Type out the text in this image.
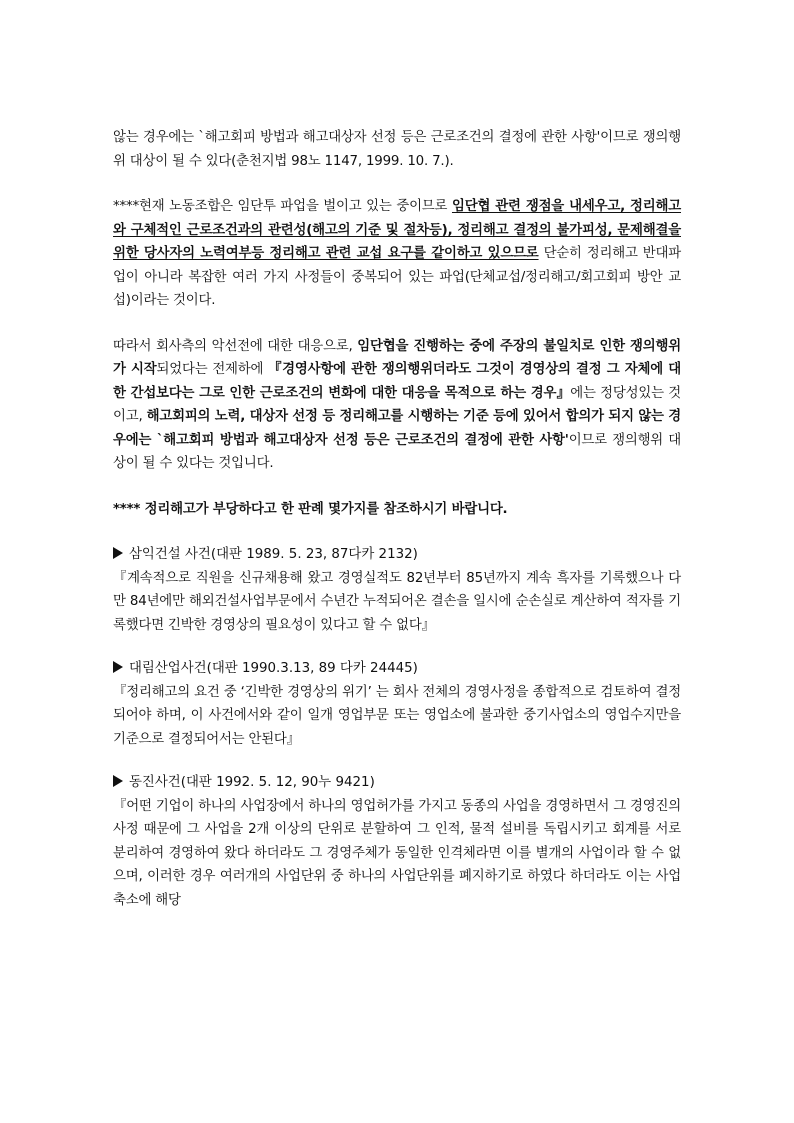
않는 경우에는 `해고회피 방법과 해고대상자 선정 등은 근로조건의 결정에 관한 사항'이므로 쟁의행위 대상이 될 수 있다(춘천지법 98노 1147, 1999. 10. 7.).

****현재 노동조합은 임단투 파업을 벌이고 있는 중이므로 임단협 관련 쟁점을 내세우고, 정리해고와 구체적인 근로조건과의 관련성(해고의 기준 및 절차등), 정리해고 결정의 불가피성, 문제해결을 위한 당사자의 노력여부등 정리해고 관련 교섭 요구를 같이하고 있으므로 단순히 정리해고 반대파업이 아니라 복잡한 여러 가지 사정들이 중복되어 있는 파업(단체교섭/정리해고/회고회피 방안 교섭)이라는 것이다.

따라서 회사측의 악선전에 대한 대응으로, 임단협을 진행하는 중에 주장의 불일치로 인한 쟁의행위가 시작되었다는 전제하에 『경영사항에 관한 쟁의행위더라도 그것이 경영상의 결정 그 자체에 대한 간섭보다는 그로 인한 근로조건의 변화에 대한 대응을 목적으로 하는 경우』에는 정당성있는 것이고, 해고회피의 노력, 대상자 선정 등 정리해고를 시행하는 기준 등에 있어서 합의가 되지 않는 경우에는 `해고회피 방법과 해고대상자 선정 등은 근로조건의 결정에 관한 사항'이므로 쟁의행위 대상이 될 수 있다는 것입니다.

**** 정리해고가 부당하다고 한 판례 몇가지를 참조하시기 바랍니다.

삼익건설 사건(대판 1989. 5. 23, 87다카 2132)

『계속적으로 직원을 신규채용해 왔고 경영실적도 82년부터 85년까지 계속 흑자를 기록했으나 다만 84년에만 해외건설사업부문에서 수년간 누적되어온 결손을 일시에 순손실로 계산하여 적자를 기록했다면 긴박한 경영상의 필요성이 있다고 할 수 없다』

대림산업사건(대판 1990.3.13, 89 다카 24445)

『정리해고의 요건 중 ‘긴박한 경영상의 위기’ 는 회사 전체의 경영사정을 종합적으로 검토하여 결정되어야 하며, 이 사건에서와 같이 일개 영업부문 또는 영업소에 불과한 중기사업소의 영업수지만을 기준으로 결정되어서는 안된다』

동진사건(대판 1992. 5. 12, 90누 9421)

『어떤 기업이 하나의 사업장에서 하나의 영업허가를 가지고 동종의 사업을 경영하면서 그 경영진의 사정 때문에 그 사업을 2개 이상의 단위로 분할하여 그 인적, 물적 설비를 독립시키고 회계를 서로 분리하여 경영하여 왔다 하더라도 그 경영주체가 동일한 인격체라면 이를 별개의 사업이라 할 수 없으며, 이러한 경우 여러개의 사업단위 중 하나의 사업단위를 폐지하기로 하였다 하더라도 이는 사업축소에 해당
